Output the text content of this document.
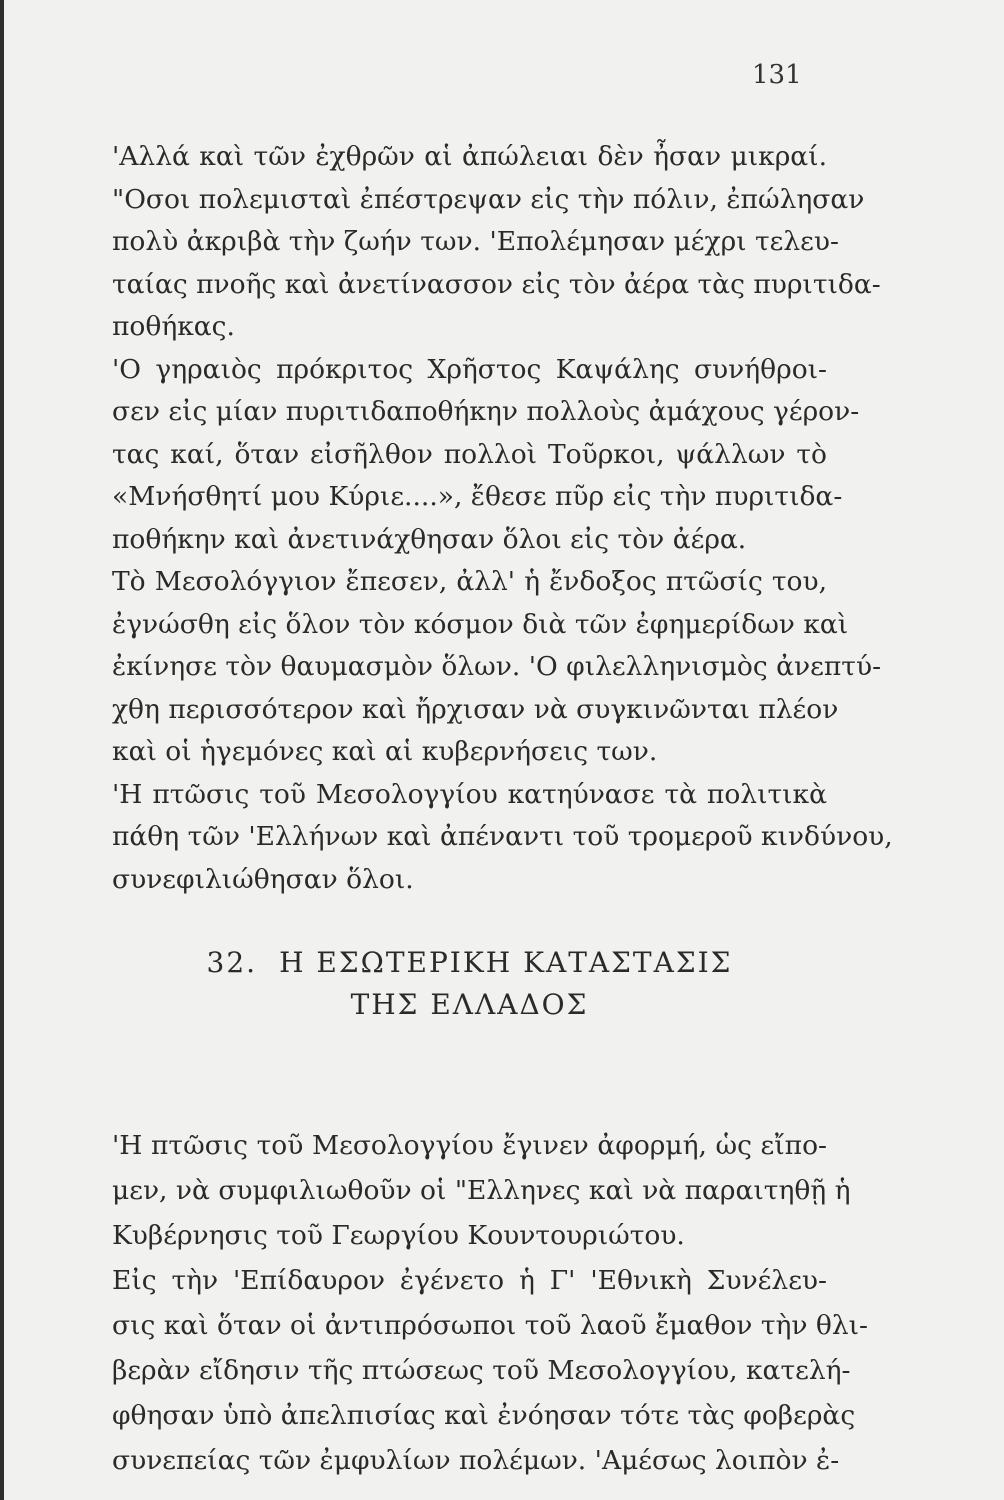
131

'Αλλά καὶ τῶν ἐχθρῶν αἱ ἀπώλειαι δὲν ἦσαν μικραί.
"Οσοι πολεμισταὶ ἐπέστρεψαν εἰς τὴν πόλιν, ἐπώλησαν
πολὺ ἀκριβὰ τὴν ζωήν των. 'Επολέμησαν μέχρι τελευ-
ταίας πνοῆς καὶ ἀνετίνασσον εἰς τὸν ἀέρα τὰς πυριτιδα-
ποθήκας.

'Ο γηραιὸς πρόκριτος Χρῆστος Καψάλης συνήθροι-
σεν εἰς μίαν πυριτιδαποθήκην πολλοὺς ἀμάχους γέρον-
τας καί, ὅταν εἰσῆλθον πολλοὶ Τοῦρκοι, ψάλλων τὸ
«Μνήσθητί μου Κύριε....», ἔθεσε πῦρ εἰς τὴν πυριτιδα-
ποθήκην καὶ ἀνετινάχθησαν ὅλοι εἰς τὸν ἀέρα.

Τὸ Μεσολόγγιον ἔπεσεν, ἀλλ' ἡ ἔνδοξος πτῶσίς του,
ἐγνώσθη εἰς ὅλον τὸν κόσμον διὰ τῶν ἐφημερίδων καὶ
ἐκίνησε τὸν θαυμασμὸν ὅλων. 'Ο φιλελληνισμὸς ἀνεπτύ-
χθη περισσότερον καὶ ἤρχισαν νὰ συγκινῶνται πλέον
καὶ οἱ ἡγεμόνες καὶ αἱ κυβερνήσεις των.

'Η πτῶσις τοῦ Μεσολογγίου κατηύνασε τὰ πολιτικὰ
πάθη τῶν 'Ελλήνων καὶ ἀπέναντι τοῦ τρομεροῦ κινδύνου,
συνεφιλιώθησαν ὅλοι.

32. Η ΕΣΩΤΕΡΙΚΗ ΚΑΤΑΣΤΑΣΙΣ
ΤΗΣ ΕΛΛΑΔΟΣ

'Η πτῶσις τοῦ Μεσολογγίου ἔγινεν ἀφορμή, ὡς εἴπο-
μεν, νὰ συμφιλιωθοῦν οἱ "Ελληνες καὶ νὰ παραιτηθῇ ἡ
Κυβέρνησις τοῦ Γεωργίου Κουντουριώτου.

Εἰς τὴν 'Επίδαυρον ἐγένετο ἡ Γ' 'Εθνικὴ Συνέλευ-
σις καὶ ὅταν οἱ ἀντιπρόσωποι τοῦ λαοῦ ἔμαθον τὴν θλι-
βερὰν εἴδησιν τῆς πτώσεως τοῦ Μεσολογγίου, κατελή-
φθησαν ὑπὸ ἀπελπισίας καὶ ἐνόησαν τότε τὰς φοβερὰς
συνεπείας τῶν ἐμφυλίων πολέμων. 'Αμέσως λοιπὸν ἐ-
